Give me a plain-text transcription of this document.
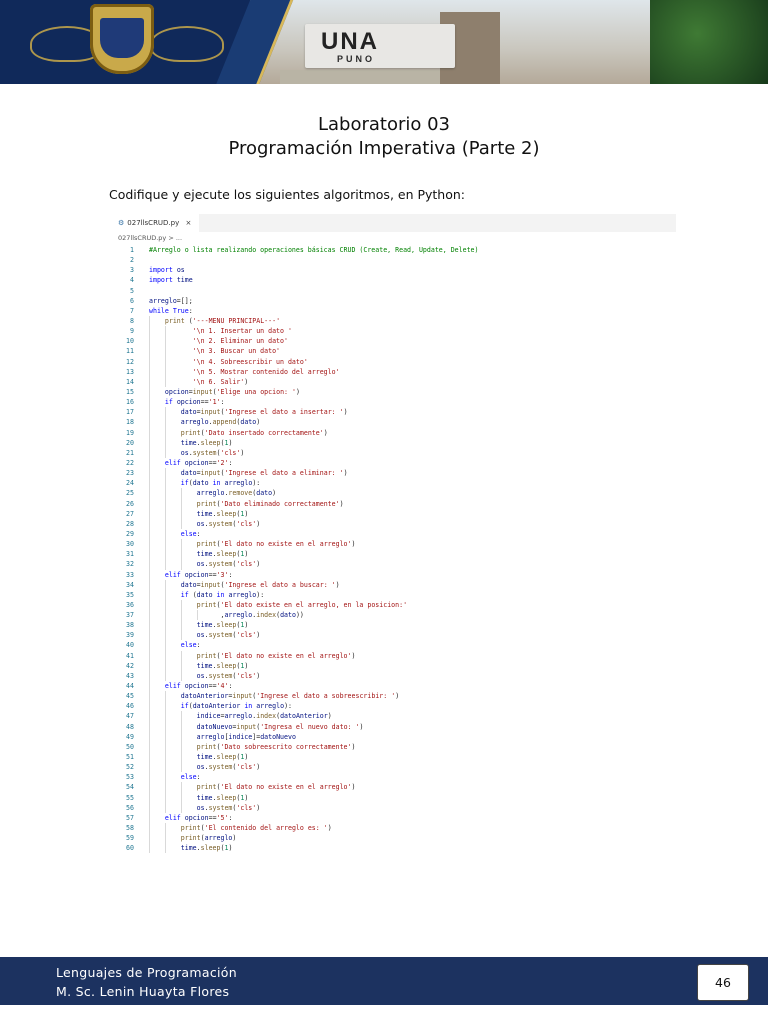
UNA
PUNO
Laboratorio 03
Programación Imperativa (Parte 2)
Codifique y ejecute los siguientes algoritmos, en Python:
⚙ 027llsCRUD.py ×
027llsCRUD.py > ...
1 #Arreglo o lista realizando operaciones básicas CRUD (Create, Read, Update, Delete)
2
3 import os
4 import time
5
6 arreglo=[];
7 while True:
8	print ('---MENU PRINCIPAL---'
9	'\n 1. Insertar un dato '
10	'\n 2. Eliminar un dato'
11	'\n 3. Buscar un dato'
12	'\n 4. Sobreescribir un dato'
13	'\n 5. Mostrar contenido del arreglo'
14	'\n 6. Salir')
15	opcion=input('Elige una opcion: ')
16	if opcion=='1':
17	dato=input('Ingrese el dato a insertar: ')
18	arreglo.append(dato)
19	print('Dato insertado correctamente')
20	time.sleep(1)
21	os.system('cls')
22	elif opcion=='2':
23	dato=input('Ingrese el dato a eliminar: ')
24	if(dato in arreglo):
25	arreglo.remove(dato)
26	print('Dato eliminado correctamente')
27	time.sleep(1)
28	os.system('cls')
29	else:
30	print('El dato no existe en el arreglo')
31	time.sleep(1)
32	os.system('cls')
33	elif opcion=='3':
34	dato=input('Ingrese el dato a buscar: ')
35	if (dato in arreglo):
36	print('El dato existe en el arreglo, en la posicion:'
37 ,arreglo.index(dato))
38	time.sleep(1)
39	os.system('cls')
40	else:
41	print('El dato no existe en el arreglo')
42	time.sleep(1)
43	os.system('cls')
44	elif opcion=='4':
45	datoAnterior=input('Ingrese el dato a sobreescribir: ')
46	if(datoAnterior in arreglo):
47	indice=arreglo.index(datoAnterior)
48	datoNuevo=input('Ingresa el nuevo dato: ')
49	arreglo[indice]=datoNuevo
50	print('Dato sobreescrito correctamente')
51	time.sleep(1)
52	os.system('cls')
53	else:
54	print('El dato no existe en el arreglo')
55	time.sleep(1)
56	os.system('cls')
57	elif opcion=='5':
58	print('El contenido del arreglo es: ')
59	print(arreglo)
60	time.sleep(1)
Lenguajes de Programación
M. Sc. Lenin Huayta Flores
46
